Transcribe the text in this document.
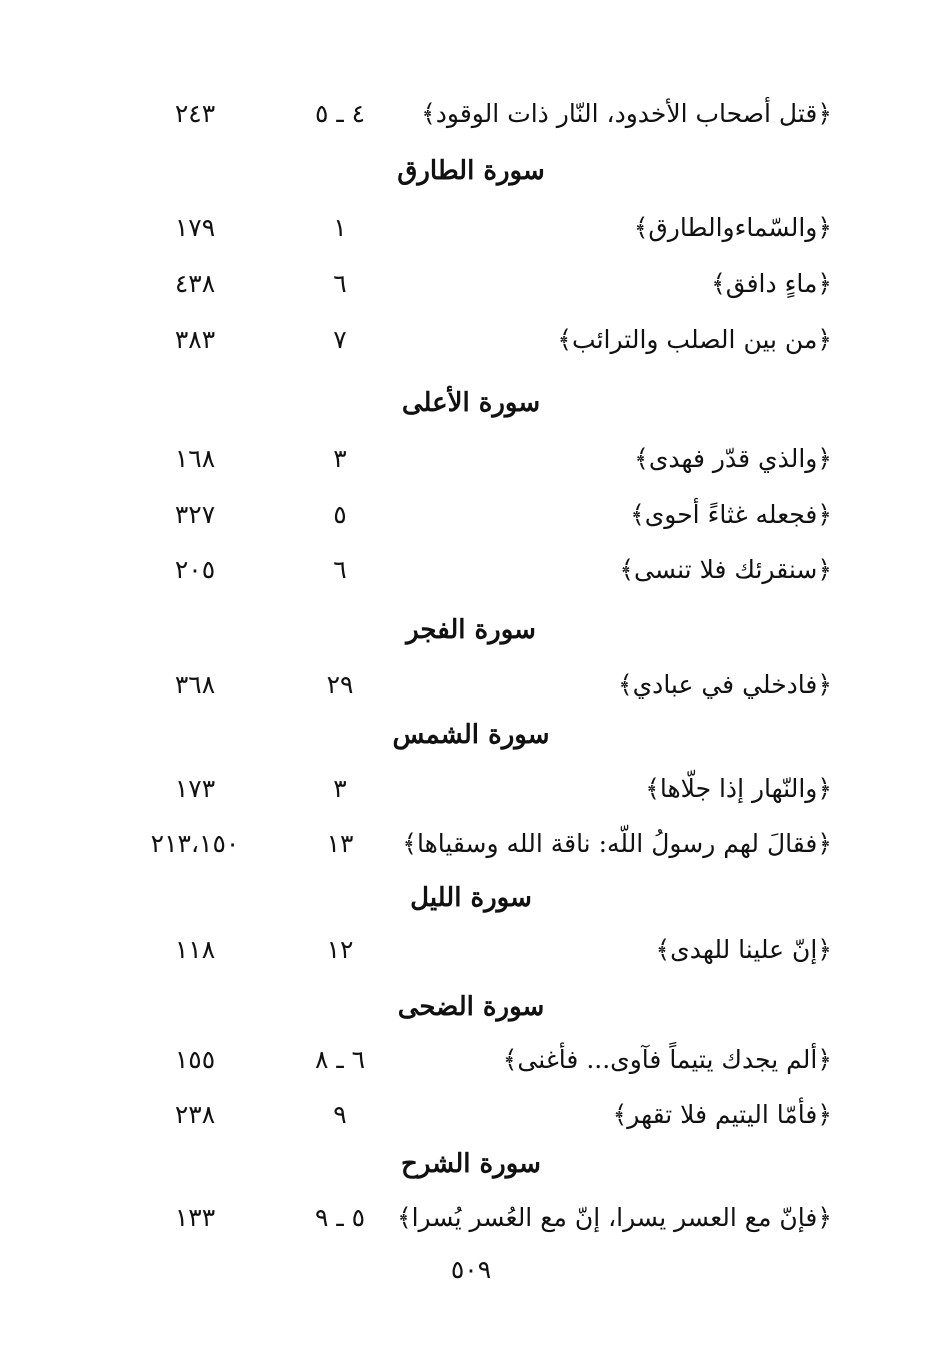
﴿قتل أصحاب الأخدود، النّار ذات الوقود﴾
٤ ـ ٥
٢٤٣
سورة الطارق
﴿والسّماءوالطارق﴾
١
١٧٩
﴿ماءٍ دافق﴾
٦
٤٣٨
﴿من بين الصلب والترائب﴾
٧
٣٨٣
سورة الأعلى
﴿والذي قدّر فهدى﴾
٣
١٦٨
﴿فجعله غثاءً أحوى﴾
٥
٣٢٧
﴿سنقرئك فلا تنسى﴾
٦
٢٠٥
سورة الفجر
﴿فادخلي في عبادي﴾
٢٩
٣٦٨
سورة الشمس
﴿والنّهار إذا جلّاها﴾
٣
١٧٣
﴿فقالَ لهم رسولُ اللّه: ناقة الله وسقياها﴾
١٣
٢١٣،١٥٠
سورة الليل
﴿إنّ علينا للهدى﴾
١٢
١١٨
سورة الضحى
﴿ألم يجدك يتيماً فآوى... فأغنى﴾
٦ ـ ٨
١٥٥
﴿فأمّا اليتيم فلا تقهر﴾
٩
٢٣٨
سورة الشرح
﴿فإنّ مع العسر يسرا، إنّ مع العُسر يُسرا﴾
٥ ـ ٩
١٣٣
٥٠٩
